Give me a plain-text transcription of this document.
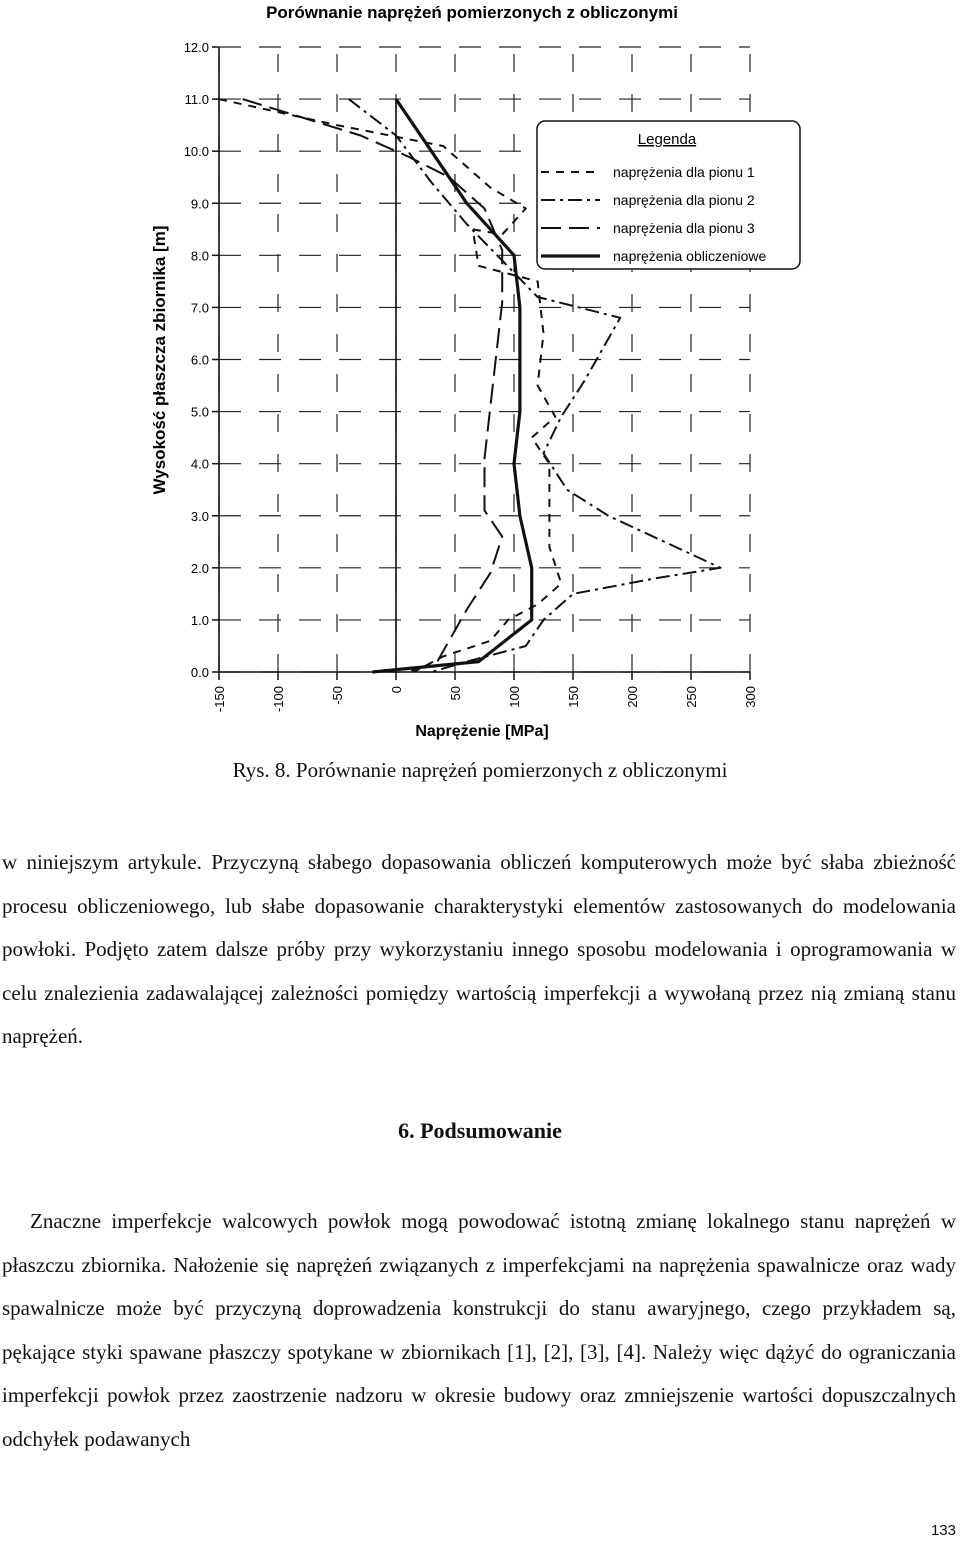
Porównanie naprężeń pomierzonych z obliczonymi
0.0
1.0
2.0
3.0
4.0
5.0
6.0
7.0
8.0
9.0
10.0
11.0
12.0
-150	-100	-50	0	50	100	150	200	250	300
Wysokość płaszcza zbiornika [m]
Naprężenie [MPa]
Legenda
naprężenia dla pionu 1
naprężenia dla pionu 2
naprężenia dla pionu 3
naprężenia obliczeniowe
Rys. 8. Porównanie naprężeń pomierzonych z obliczonymi
w niniejszym artykule. Przyczyną słabego dopasowania obliczeń komputerowych może być słaba zbieżność procesu obliczeniowego, lub słabe dopasowanie charakterystyki elementów zastosowanych do modelowania powłoki. Podjęto zatem dalsze próby przy wykorzystaniu innego sposobu modelowania i oprogramowania w celu znalezienia zadawalającej zależności pomiędzy wartością imperfekcji a wywołaną przez nią zmianą stanu naprężeń.
6. Podsumowanie
Znaczne imperfekcje walcowych powłok mogą powodować istotną zmianę lokalnego stanu naprężeń w płaszczu zbiornika. Nałożenie się naprężeń związanych z imperfekcjami na naprężenia spawalnicze oraz wady spawalnicze może być przyczyną doprowadzenia konstrukcji do stanu awaryjnego, czego przykładem są, pękające styki spawane płaszczy spotykane w zbiornikach [1], [2], [3], [4]. Należy więc dążyć do ograniczania imperfekcji powłok przez zaostrzenie nadzoru w okresie budowy oraz zmniejszenie wartości dopuszczalnych odchyłek podawanych
133
